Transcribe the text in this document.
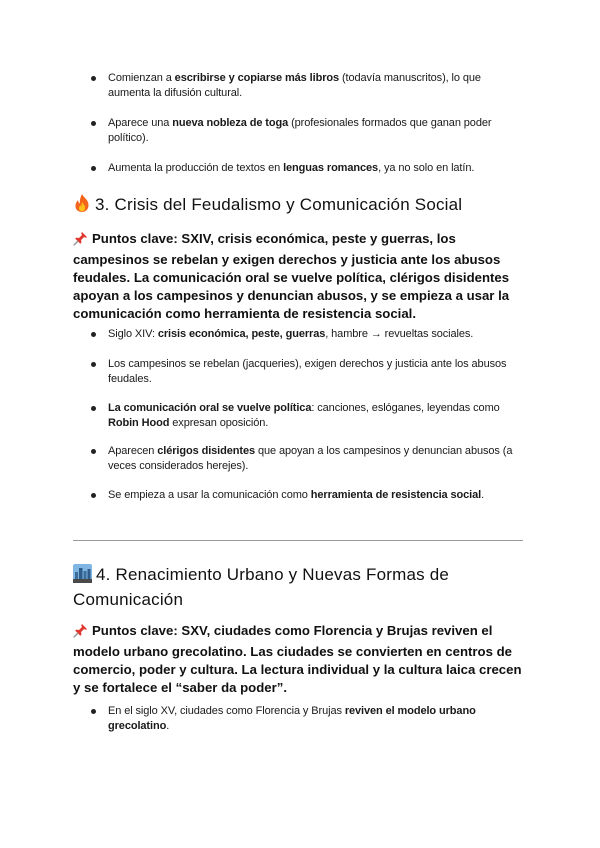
Comienzan a escribirse y copiarse más libros (todavía manuscritos), lo que aumenta la difusión cultural.
Aparece una nueva nobleza de toga (profesionales formados que ganan poder político).
Aumenta la producción de textos en lenguas romances, ya no solo en latín.
3. Crisis del Feudalismo y Comunicación Social

Puntos clave: SXIV, crisis económica, peste y guerras, los campesinos se rebelan y exigen derechos y justicia ante los abusos feudales. La comunicación oral se vuelve política, clérigos disidentes apoyan a los campesinos y denuncian abusos, y se empieza a usar la comunicación como herramienta de resistencia social.

Siglo XIV: crisis económica, peste, guerras, hambre → revueltas sociales.
Los campesinos se rebelan (jacqueries), exigen derechos y justicia ante los abusos feudales.
La comunicación oral se vuelve política: canciones, eslóganes, leyendas como Robin Hood expresan oposición.
Aparecen clérigos disidentes que apoyan a los campesinos y denuncian abusos (a veces considerados herejes).
Se empieza a usar la comunicación como herramienta de resistencia social.
4. Renacimiento Urbano y Nuevas Formas de Comunicación

Puntos clave: SXV, ciudades como Florencia y Brujas reviven el modelo urbano grecolatino. Las ciudades se convierten en centros de comercio, poder y cultura. La lectura individual y la cultura laica crecen y se fortalece el “saber da poder”.

En el siglo XV, ciudades como Florencia y Brujas reviven el modelo urbano grecolatino.
